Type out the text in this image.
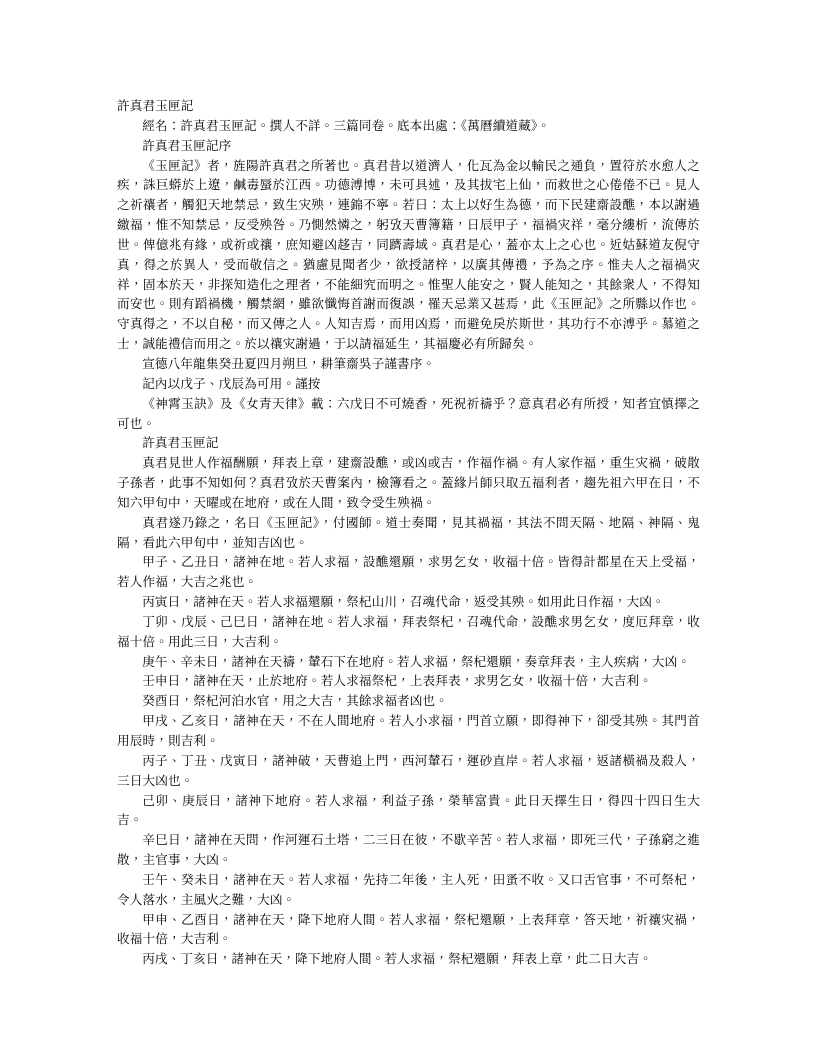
許真君玉匣記

經名：許真君玉匣記。撰人不詳。三篇同卷。底本出處：《萬曆續道藏》。

許真君玉匣記序

《玉匣記》者，旌陽許真君之所著也。真君昔以道濟人，化瓦為金以輸民之通負，置符於水愈人之疾，誅巨蟒於上遼，鹹毒蜃於江西。功德溥博，未可具述，及其拔宅上仙，而救世之心倦倦不已。見人之祈禳者，觸犯天地禁忌，致生灾殃，連錦不寧。若曰：太上以好生為德，而下民建齋設醮，本以謝過繳福，惟不知禁忌，反受殃咎。乃惻然憐之，躬攷天曹簿籍，日辰甲子，福禍灾祥，毫分縷析，流傳於世。俾億兆有緣，或祈或禳，庶知避凶趍吉，同躋壽域。真君是心，蓋亦太上之心也。近姑蘇道友倪守真，得之於異人，受而敬信之。猶慮見聞者少，欲授諸梓，以廣其傳禮，予為之序。惟夫人之福禍灾祥，固本於天，非探知造化之理者，不能細究而明之。惟聖人能安之，賢人能知之，其餘衆人，不得知而安也。則有蹈禍機，觸禁網，雖欲懺悔首謝而復誤，罹天忌業又甚焉，此《玉匣記》之所縣以作也。守真得之，不以自秘，而又傳之人。人知吉焉，而用凶焉，而避免戾於斯世，其功行不亦溥乎。慕道之士，誠能禮信而用之。於以禳灾謝過，于以請福延生，其福慶必有所歸矣。

宣德八年龍集癸丑夏四月朔旦，耕筆齋吳子謹書序。

記內以戊子、戊辰為可用。謹按

《神霄玉訣》及《女青天律》載：六戊日不可燒香，死祝祈禱乎？意真君必有所授，知者宜慎擇之可也。

許真君玉匣記

真君見世人作福酬願，拜表上章，建齋設醮，或凶或吉，作福作禍。有人家作福，重生灾禍，破散子孫者，此事不知如何？真君攷於天曹案內，檢簿看之。蓋緣片師只取五福利者，趨先祖六甲在日，不知六甲旬中，天曜或在地府，或在人間，致令受生殃禍。

真君遂乃錄之，名曰《玉匣記》，付國師。道士奏聞，見其禍福，其法不問天隔、地隔、神隔、鬼隔，看此六甲旬中，並知吉凶也。

甲子、乙丑日，諸神在地。若人求福，設醮還願，求男乞女，收福十倍。皆得計都星在天上受福，若人作福，大吉之兆也。

丙寅日，諸神在天。若人求福還願，祭杞山川，召魂代命，返受其殃。如用此日作福，大凶。

丁卯、戊辰、己巳日，諸神在地。若人求福，拜表祭杞，召魂代命，設醮求男乞女，度厄拜章，收福十倍。用此三日，大吉利。

庚午、辛未日，諸神在天禱，輦石下在地府。若人求福，祭杞還願，奏章拜表，主人疾病，大凶。

壬申日，諸神在天，止於地府。若人求福祭杞，上表拜表，求男乞女，收福十倍，大吉利。

癸酉日，祭杞河泊水官，用之大吉，其餘求福者凶也。

甲戌、乙亥日，諸神在天，不在人間地府。若人小求福，門首立願，即得神下，卻受其殃。其門首用辰時，則吉利。

丙子、丁丑、戊寅日，諸神破，天曹追上門，西河輦石，運砂直岸。若人求福，返諸橫禍及殺人，三日大凶也。

己卯、庚辰日，諸神下地府。若人求福，利益子孫，榮華富貴。此日天擇生日，得四十四日生大吉。

辛巳日，諸神在天問，作河運石土塔，二三日在彼，不歇辛苦。若人求福，即死三代，子孫窮之進散，主官事，大凶。

壬午、癸未日，諸神在天。若人求福，先持二年後，主人死，田蚤不收。又口舌官事，不可祭杞，令人落水，主風火之難，大凶。

甲申、乙酉日，諸神在天，降下地府人間。若人求福，祭杞還願，上表拜章，答天地，祈禳灾禍，收福十倍，大吉利。

丙戌、丁亥日，諸神在天，降下地府人間。若人求福，祭杞還願，拜表上章，此二日大吉。
